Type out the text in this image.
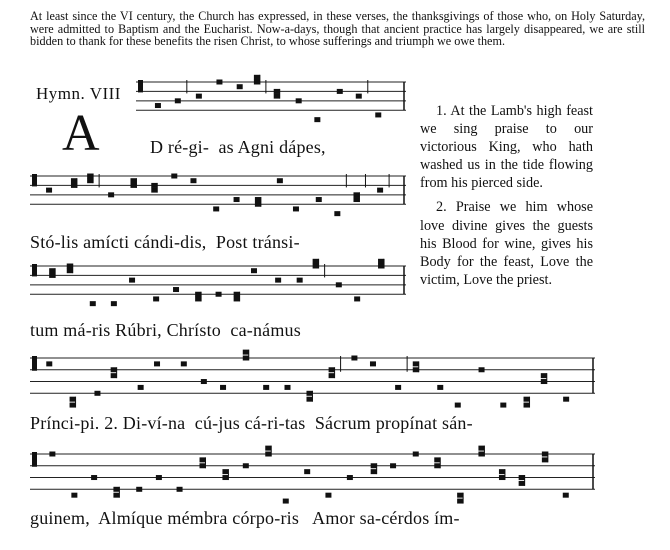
At least since the VI century, the Church has expressed, in these verses, the thanksgivings of those who, on Holy Saturday, were admitted to Baptism and the Eucharist. Now-a-days, though that ancient practice has largely disappeared, we are still bidden to thank for these benefits the risen Christ, to whose sufferings and triumph we owe them.

Hymn. VIII
A	D ré-gi-  as Agni dápes,
Stó-lis amícti cándi-dis,  Post tránsi-
tum má-ris Rúbri, Chrísto  ca-námus
Prínci-pi. 2. Di-ví-na  cú-jus cá-ri-tas  Sácrum propínat sán-
guinem,  Almíque mémbra córpo-ris   Amor sa-cérdos ím-

1. At the Lamb's high feast we sing praise to our victorious King, who hath washed us in the tide flowing from his pierced side.

2. Praise we him whose love divine gives the guests his Blood for wine, gives his Body for the feast, Love the victim, Love the priest.
